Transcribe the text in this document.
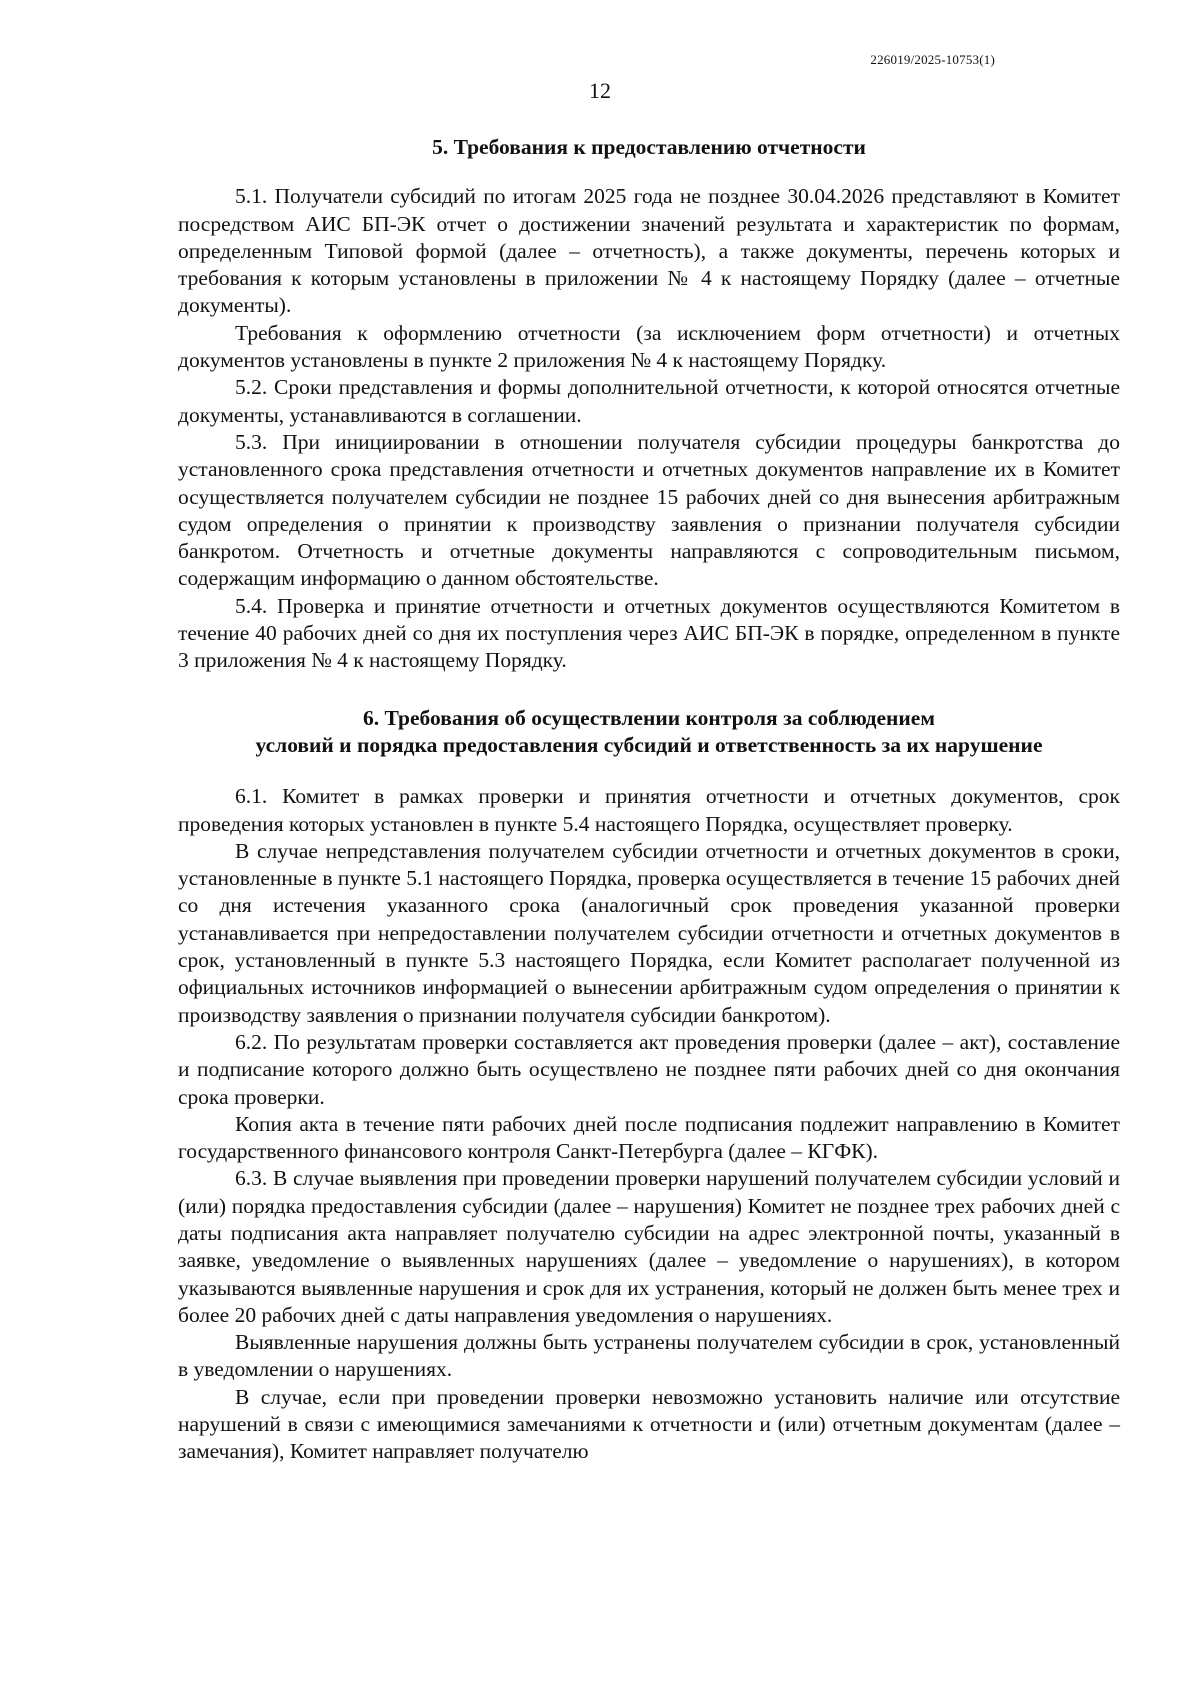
226019/2025-10753(1)
12
5. Требования к предоставлению отчетности

5.1. Получатели субсидий по итогам 2025 года не позднее 30.04.2026 представляют в Комитет посредством АИС БП-ЭК отчет о достижении значений результата и характеристик по формам, определенным Типовой формой (далее – отчетность), а также документы, перечень которых и требования к которым установлены в приложении № 4 к настоящему Порядку (далее – отчетные документы).

Требования к оформлению отчетности (за исключением форм отчетности) и отчетных документов установлены в пункте 2 приложения № 4 к настоящему Порядку.

5.2. Сроки представления и формы дополнительной отчетности, к которой относятся отчетные документы, устанавливаются в соглашении.

5.3. При инициировании в отношении получателя субсидии процедуры банкротства до установленного срока представления отчетности и отчетных документов направление их в Комитет осуществляется получателем субсидии не позднее 15 рабочих дней со дня вынесения арбитражным судом определения о принятии к производству заявления о признании получателя субсидии банкротом. Отчетность и отчетные документы направляются с сопроводительным письмом, содержащим информацию о данном обстоятельстве.

5.4. Проверка и принятие отчетности и отчетных документов осуществляются Комитетом в течение 40 рабочих дней со дня их поступления через АИС БП-ЭК в порядке, определенном в пункте 3 приложения № 4 к настоящему Порядку.

6. Требования об осуществлении контроля за соблюдением
условий и порядка предоставления субсидий и ответственность за их нарушение

6.1. Комитет в рамках проверки и принятия отчетности и отчетных документов, срок проведения которых установлен в пункте 5.4 настоящего Порядка, осуществляет проверку.

В случае непредставления получателем субсидии отчетности и отчетных документов в сроки, установленные в пункте 5.1 настоящего Порядка, проверка осуществляется в течение 15 рабочих дней со дня истечения указанного срока (аналогичный срок проведения указанной проверки устанавливается при непредоставлении получателем субсидии отчетности и отчетных документов в срок, установленный в пункте 5.3 настоящего Порядка, если Комитет располагает полученной из официальных источников информацией о вынесении арбитражным судом определения о принятии к производству заявления о признании получателя субсидии банкротом).

6.2. По результатам проверки составляется акт проведения проверки (далее – акт), составление и подписание которого должно быть осуществлено не позднее пяти рабочих дней со дня окончания срока проверки.

Копия акта в течение пяти рабочих дней после подписания подлежит направлению в Комитет государственного финансового контроля Санкт-Петербурга (далее – КГФК).

6.3. В случае выявления при проведении проверки нарушений получателем субсидии условий и (или) порядка предоставления субсидии (далее – нарушения) Комитет не позднее трех рабочих дней с даты подписания акта направляет получателю субсидии на адрес электронной почты, указанный в заявке, уведомление о выявленных нарушениях (далее – уведомление о нарушениях), в котором указываются выявленные нарушения и срок для их устранения, который не должен быть менее трех и более 20 рабочих дней с даты направления уведомления о нарушениях.

Выявленные нарушения должны быть устранены получателем субсидии в срок, установленный в уведомлении о нарушениях.

В случае, если при проведении проверки невозможно установить наличие или отсутствие нарушений в связи с имеющимися замечаниями к отчетности и (или) отчетным документам (далее – замечания), Комитет направляет получателю
